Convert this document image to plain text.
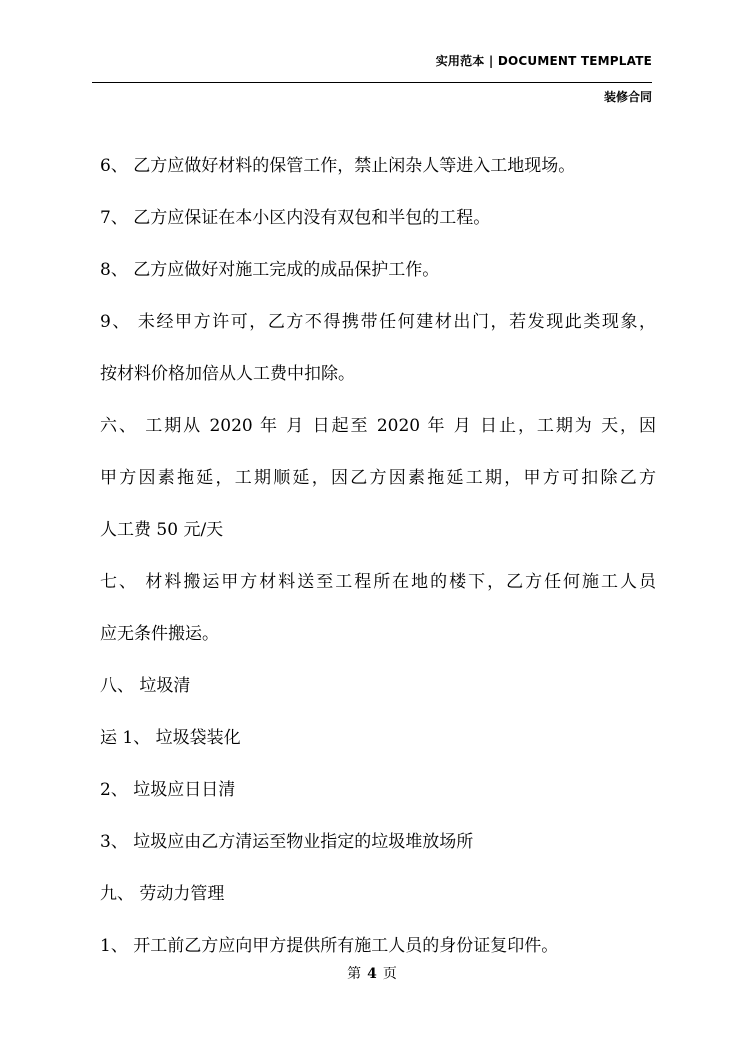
实用范本 | DOCUMENT TEMPLATE
装修合同

6、 乙方应做好材料的保管工作，禁止闲杂人等进入工地现场。

7、 乙方应保证在本小区内没有双包和半包的工程。

8、 乙方应做好对施工完成的成品保护工作。

9、 未经甲方许可，乙方不得携带任何建材出门，若发现此类现象，

按材料价格加倍从人工费中扣除。

六、 工期从 2020 年 月 日起至 2020 年 月 日止，工期为 天，因

甲方因素拖延，工期顺延，因乙方因素拖延工期，甲方可扣除乙方

人工费 50 元/天

七、 材料搬运甲方材料送至工程所在地的楼下，乙方任何施工人员

应无条件搬运。

八、 垃圾清

运 1、 垃圾袋装化

2、 垃圾应日日清

3、 垃圾应由乙方清运至物业指定的垃圾堆放场所

九、 劳动力管理

1、 开工前乙方应向甲方提供所有施工人员的身份证复印件。

第 4 页
